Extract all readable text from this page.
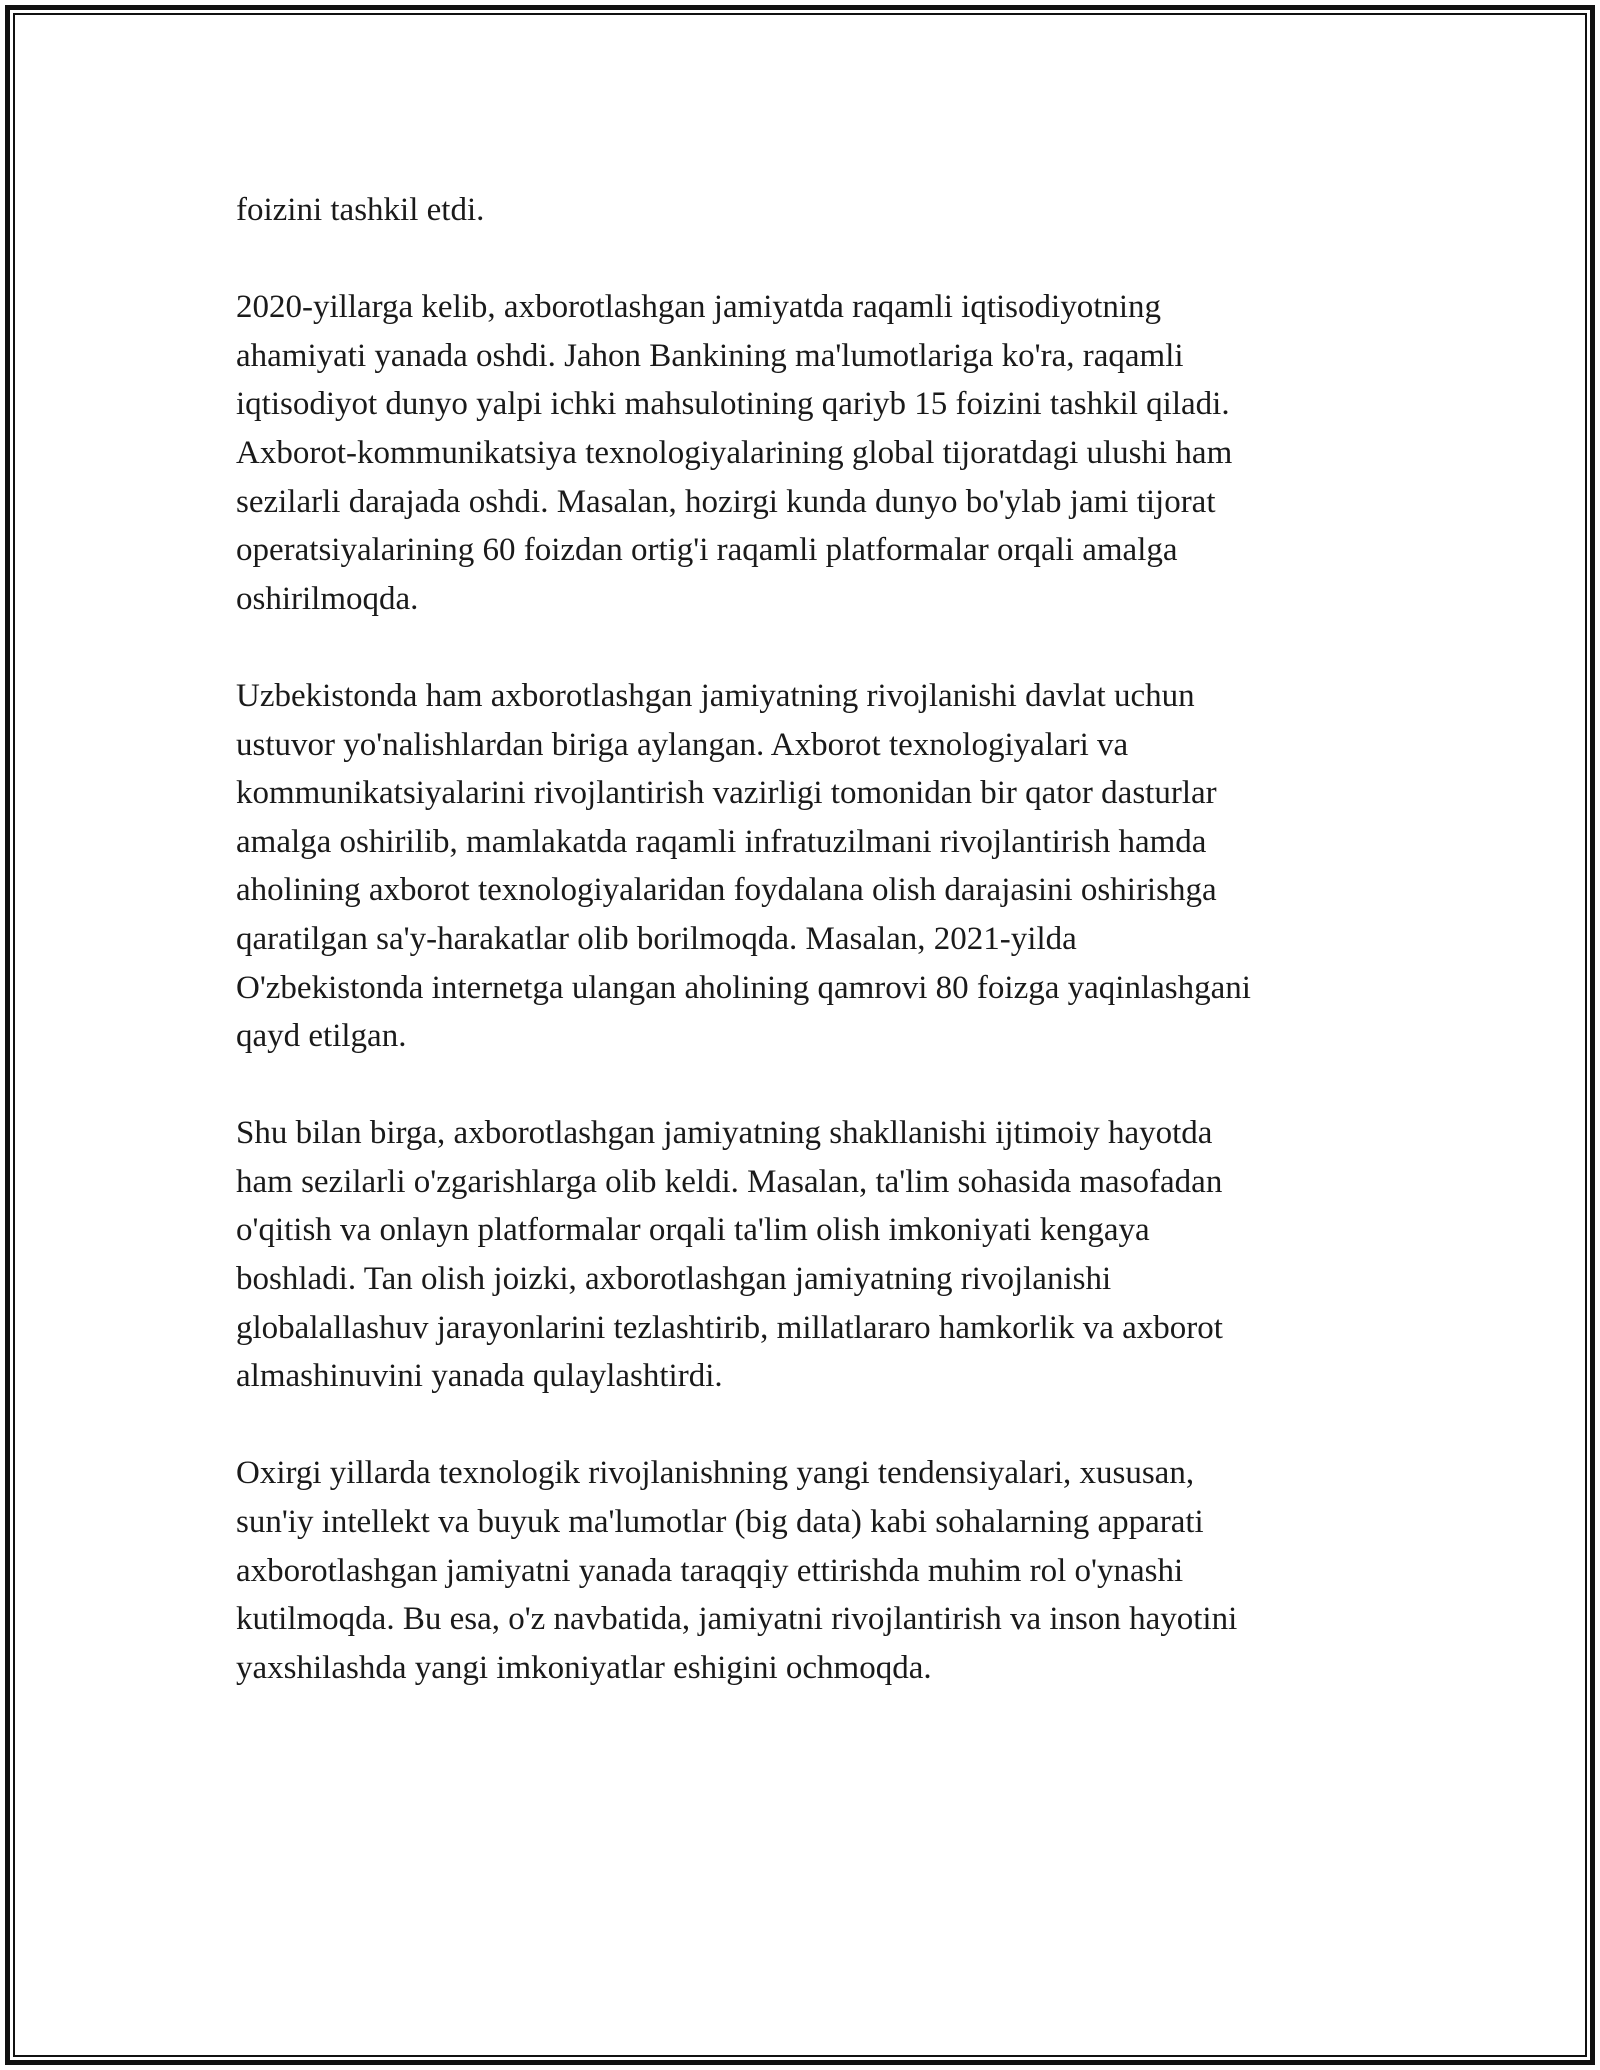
foizini tashkil etdi.

2020-yillarga kelib, axborotlashgan jamiyatda raqamli iqtisodiyotning
ahamiyati yanada oshdi. Jahon Bankining ma'lumotlariga ko'ra, raqamli
iqtisodiyot dunyo yalpi ichki mahsulotining qariyb 15 foizini tashkil qiladi.
Axborot-kommunikatsiya texnologiyalarining global tijoratdagi ulushi ham
sezilarli darajada oshdi. Masalan, hozirgi kunda dunyo bo'ylab jami tijorat
operatsiyalarining 60 foizdan ortig'i raqamli platformalar orqali amalga
oshirilmoqda.

Uzbekistonda ham axborotlashgan jamiyatning rivojlanishi davlat uchun
ustuvor yo'nalishlardan biriga aylangan. Axborot texnologiyalari va
kommunikatsiyalarini rivojlantirish vazirligi tomonidan bir qator dasturlar
amalga oshirilib, mamlakatda raqamli infratuzilmani rivojlantirish hamda
aholining axborot texnologiyalaridan foydalana olish darajasini oshirishga
qaratilgan sa'y-harakatlar olib borilmoqda. Masalan, 2021-yilda
O'zbekistonda internetga ulangan aholining qamrovi 80 foizga yaqinlashgani
qayd etilgan.

Shu bilan birga, axborotlashgan jamiyatning shakllanishi ijtimoiy hayotda
ham sezilarli o'zgarishlarga olib keldi. Masalan, ta'lim sohasida masofadan
o'qitish va onlayn platformalar orqali ta'lim olish imkoniyati kengaya
boshladi. Tan olish joizki, axborotlashgan jamiyatning rivojlanishi
globalallashuv jarayonlarini tezlashtirib, millatlararo hamkorlik va axborot
almashinuvini yanada qulaylashtirdi.

Oxirgi yillarda texnologik rivojlanishning yangi tendensiyalari, xususan,
sun'iy intellekt va buyuk ma'lumotlar (big data) kabi sohalarning apparati
axborotlashgan jamiyatni yanada taraqqiy ettirishda muhim rol o'ynashi
kutilmoqda. Bu esa, o'z navbatida, jamiyatni rivojlantirish va inson hayotini
yaxshilashda yangi imkoniyatlar eshigini ochmoqda.
